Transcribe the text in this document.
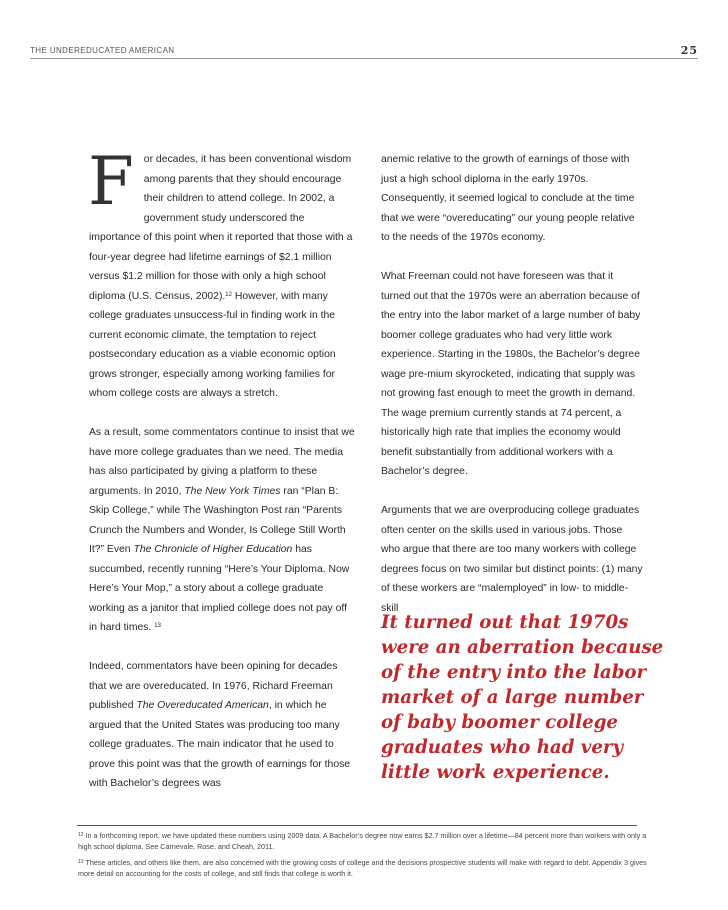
THE UNDEREDUCATED AMERICAN	25

For decades, it has been conventional wisdom among parents that they should encourage their children to attend college. In 2002, a government study underscored the importance of this point when it reported that those with a four-year degree had lifetime earnings of $2.1 million versus $1.2 million for those with only a high school diploma (U.S. Census, 2002).$^{12}$ However, with many college graduates unsuccess-ful in finding work in the current economic climate, the temptation to reject postsecondary education as a viable economic option grows stronger, especially among working families for whom college costs are always a stretch.

As a result, some commentators continue to insist that we have more college graduates than we need. The media has also participated by giving a platform to these arguments. In 2010, The New York Times ran “Plan B: Skip College,” while The Washington Post ran “Parents Crunch the Numbers and Wonder, Is College Still Worth It?” Even The Chronicle of Higher Education has succumbed, recently running “Here’s Your Diploma. Now Here’s Your Mop,” a story about a college graduate working as a janitor that implied college does not pay off in hard times. $^{13}$

Indeed, commentators have been opining for decades that we are overeducated. In 1976, Richard Freeman published The Overeducated American, in which he argued that the United States was producing too many college graduates. The main indicator that he used to prove this point was that the growth of earnings for those with Bachelor’s degrees was

anemic relative to the growth of earnings of those with just a high school diploma in the early 1970s. Consequently, it seemed logical to conclude at the time that we were “overeducating” our young people relative to the needs of the 1970s economy.

What Freeman could not have foreseen was that it turned out that the 1970s were an aberration because of the entry into the labor market of a large number of baby boomer college graduates who had very little work experience. Starting in the 1980s, the Bachelor’s degree wage pre-mium skyrocketed, indicating that supply was not growing fast enough to meet the growth in demand. The wage premium currently stands at 74 percent, a historically high rate that implies the economy would benefit substantially from additional workers with a Bachelor’s degree.

Arguments that we are overproducing college graduates often center on the skills used in various jobs. Those who argue that there are too many workers with college degrees focus on two similar but distinct points: (1) many of these workers are “malemployed” in low- to middle-skill

It turned out that 1970s were an aberration because of the entry into the labor market of a large number of baby boomer college graduates who had very little work experience.

$^{12}$ In a forthcoming report, we have updated these numbers using 2009 data. A Bachelor’s degree now earns $2.7 million over a lifetime—84 percent more than workers with only a high school diploma. See Carnevale, Rose, and Cheah, 2011.

$^{13}$ These articles, and others like them, are also concerned with the growing costs of college and the decisions prospective students will make with regard to debt. Appendix 3 gives more detail on accounting for the costs of college, and still finds that college is worth it.
